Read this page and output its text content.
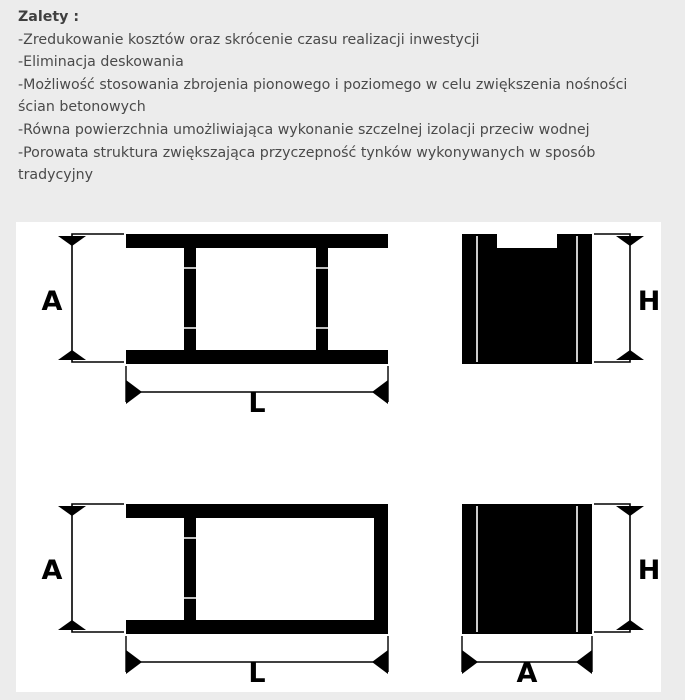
Zalety :
-Zredukowanie kosztów oraz skrócenie czasu realizacji inwestycji
-Eliminacja deskowania
-Możliwość stosowania zbrojenia pionowego i poziomego w celu zwiększenia nośności ścian betonowych
-Równa powierzchnia umożliwiająca wykonanie szczelnej izolacji przeciw wodnej
-Porowata struktura zwiększająca przyczepność tynków wykonywanych w sposób tradycyjny
A
L
H
A
L
H
A
